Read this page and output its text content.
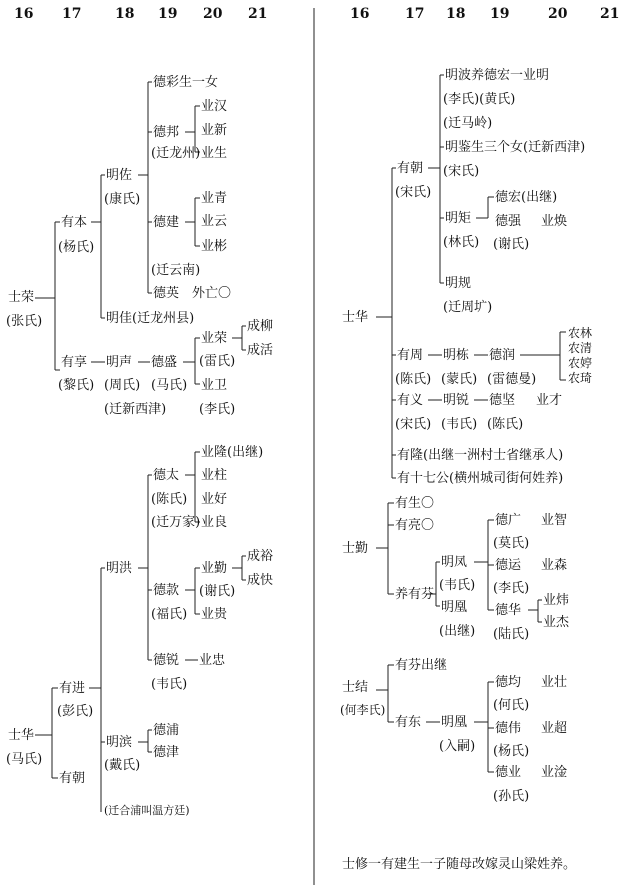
16 17 18 19 20 21	16	17 18 19	20 21
士荣
(张氏)
有本
(杨氏)
明佐
(康氏)
德彩生一女
德邦
(迁龙州)
业汉
业新
业生
德建
(迁云南)
业青
业云
业彬
德英　外亡〇
明佳(迁龙州县)
有享
(黎氏)
明声
(周氏)
(迁新西津)
德盛
(马氏)
业荣
(雷氏)
业卫
(李氏)
成柳
成活
士华
(马氏)
有进
(彭氏)
有朝
明洪
德太
(陈氏)
(迁万家)
业隆(出继)
业柱
业好
业良
德款
(福氏)
业勤
(谢氏)
业贵
成裕
成快
德锐
(韦氏)
业忠
明滨
(戴氏)
德浦
德津
(迁合浦叫温方廷)
士华
有朝
(宋氏)
明波养德宏一业明
(李氏)(黄氏)
(迁马岭)
明鉴生三个女(迁新西津)
(宋氏)
明矩
(林氏)
德宏(出继)
德强 业焕
(谢氏)
明规
(迁周圹)
有周
(陈氏)
明栋
(蒙氏)
德润
(雷德曼)
农林
农清
农婷
农琦
有义
(宋氏)
明锐
(韦氏)
德坚
(陈氏)
业才
有隆(出继一洲村士省继承人)
有十七公(横州城司街何姓养)
士勤
有生〇
有亮〇
养有芬
明凤
(韦氏)
明凰
(出继)
德广
(莫氏)
业智
德运
(李氏)
业森
德华
(陆氏)
业炜
业杰
士结
(何李氏)
有芬出继
有东 明凰
(入嗣)
德均
(何氏)
业壮
德伟
(杨氏)
业超
德业
(孙氏)
业淦
士修一有建生一子随母改嫁灵山梁姓养。
